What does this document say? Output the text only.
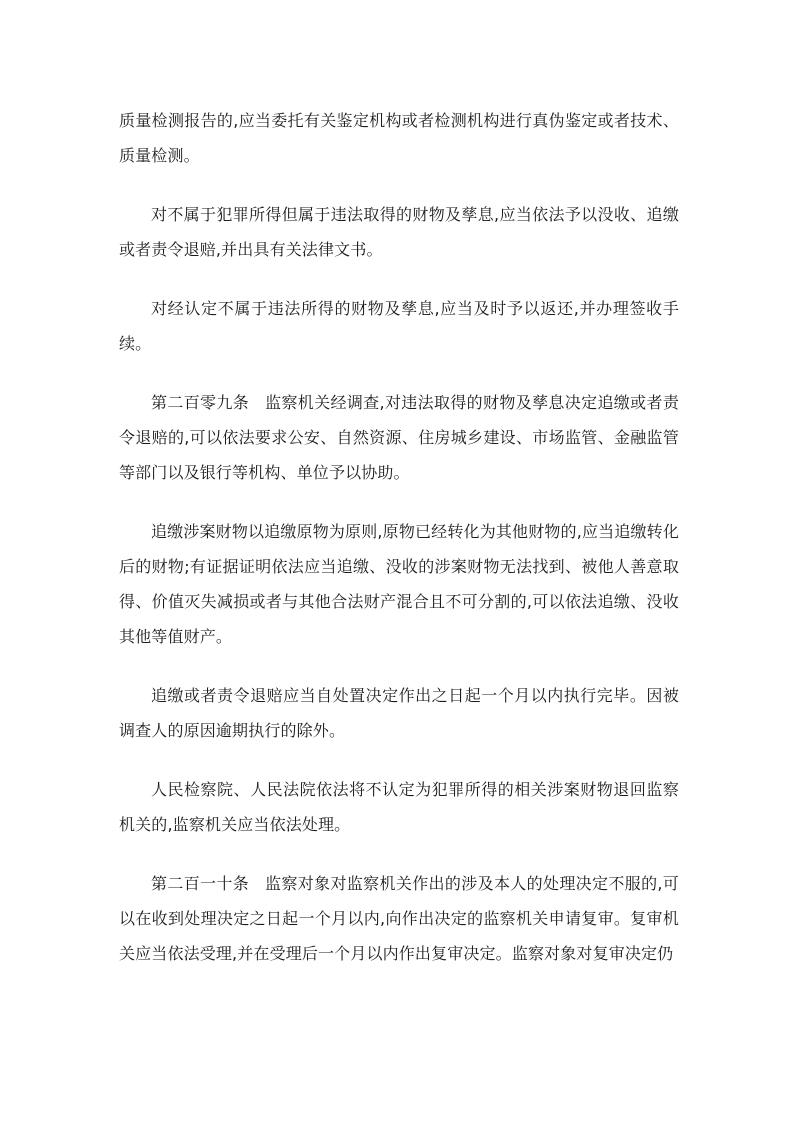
质量检测报告的,应当委托有关鉴定机构或者检测机构进行真伪鉴定或者技术、质量检测。

对不属于犯罪所得但属于违法取得的财物及孳息,应当依法予以没收、追缴或者责令退赔,并出具有关法律文书。

对经认定不属于违法所得的财物及孳息,应当及时予以返还,并办理签收手续。

第二百零九条 监察机关经调查,对违法取得的财物及孳息决定追缴或者责令退赔的,可以依法要求公安、自然资源、住房城乡建设、市场监管、金融监管等部门以及银行等机构、单位予以协助。

追缴涉案财物以追缴原物为原则,原物已经转化为其他财物的,应当追缴转化后的财物;有证据证明依法应当追缴、没收的涉案财物无法找到、被他人善意取得、价值灭失减损或者与其他合法财产混合且不可分割的,可以依法追缴、没收其他等值财产。

追缴或者责令退赔应当自处置决定作出之日起一个月以内执行完毕。因被调查人的原因逾期执行的除外。

人民检察院、人民法院依法将不认定为犯罪所得的相关涉案财物退回监察机关的,监察机关应当依法处理。

第二百一十条 监察对象对监察机关作出的涉及本人的处理决定不服的,可以在收到处理决定之日起一个月以内,向作出决定的监察机关申请复审。复审机关应当依法受理,并在受理后一个月以内作出复审决定。监察对象对复审决定仍
